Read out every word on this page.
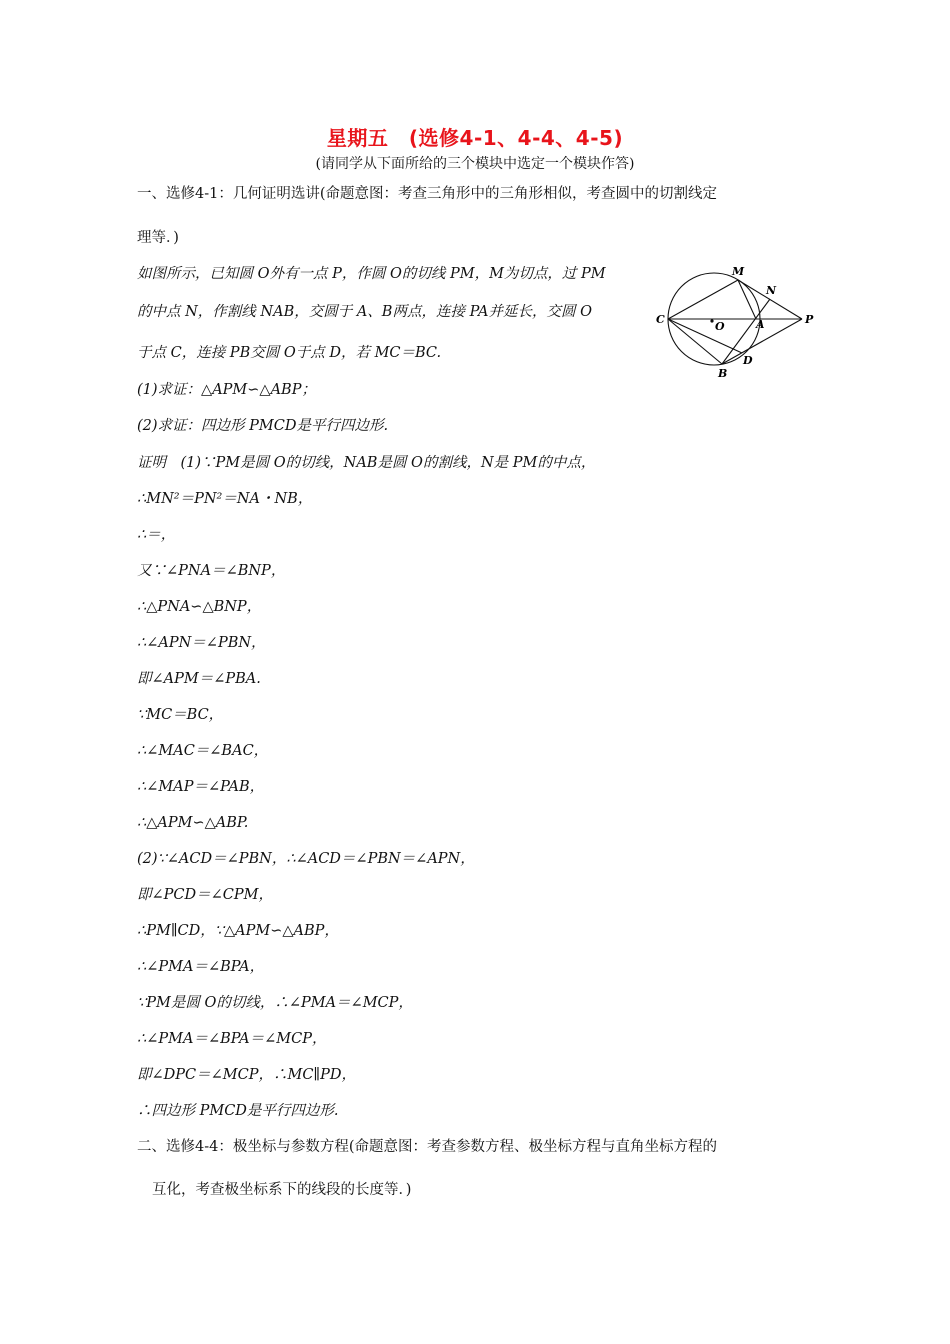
星期五　(选修4-1、4-4、4-5)
(请同学从下面所给的三个模块中选定一个模块作答)
一、选修4-1：几何证明选讲(命题意图：考查三角形中的三角形相似，考查圆中的切割线定
理等．)
如图所示，已知圆 O外有一点 P，作圆 O的切线 PM，M为切点，过 PM
的中点 N，作割线 NAB，交圆于 A、B两点，连接 PA并延长，交圆 O
于点 C，连接 PB交圆 O于点 D，若 MC＝BC.
(1)求证：△APM∽△ABP；
(2)求证：四边形 PMCD是平行四边形.
证明　(1)∵PM是圆 O的切线，NAB是圆 O的割线，N是 PM的中点，
∴MN²＝PN²＝NA・NB，
∴＝，
又∵∠PNA＝∠BNP，
∴△PNA∽△BNP，
∴∠APN＝∠PBN，
即∠APM＝∠PBA.
∵MC＝BC，
∴∠MAC＝∠BAC，
∴∠MAP＝∠PAB，
∴△APM∽△ABP.
(2)∵∠ACD＝∠PBN，∴∠ACD＝∠PBN＝∠APN，
即∠PCD＝∠CPM，
∴PM∥CD，∵△APM∽△ABP，
∴∠PMA＝∠BPA，
∵PM是圆 O的切线，∴∠PMA＝∠MCP，
∴∠PMA＝∠BPA＝∠MCP，
即∠DPC＝∠MCP，∴MC∥PD，
∴四边形 PMCD是平行四边形.
二、选修4-4：极坐标与参数方程(命题意图：考查参数方程、极坐标方程与直角坐标方程的
互化，考查极坐标系下的线段的长度等．)
M
N
C
O	A	P
B
D
